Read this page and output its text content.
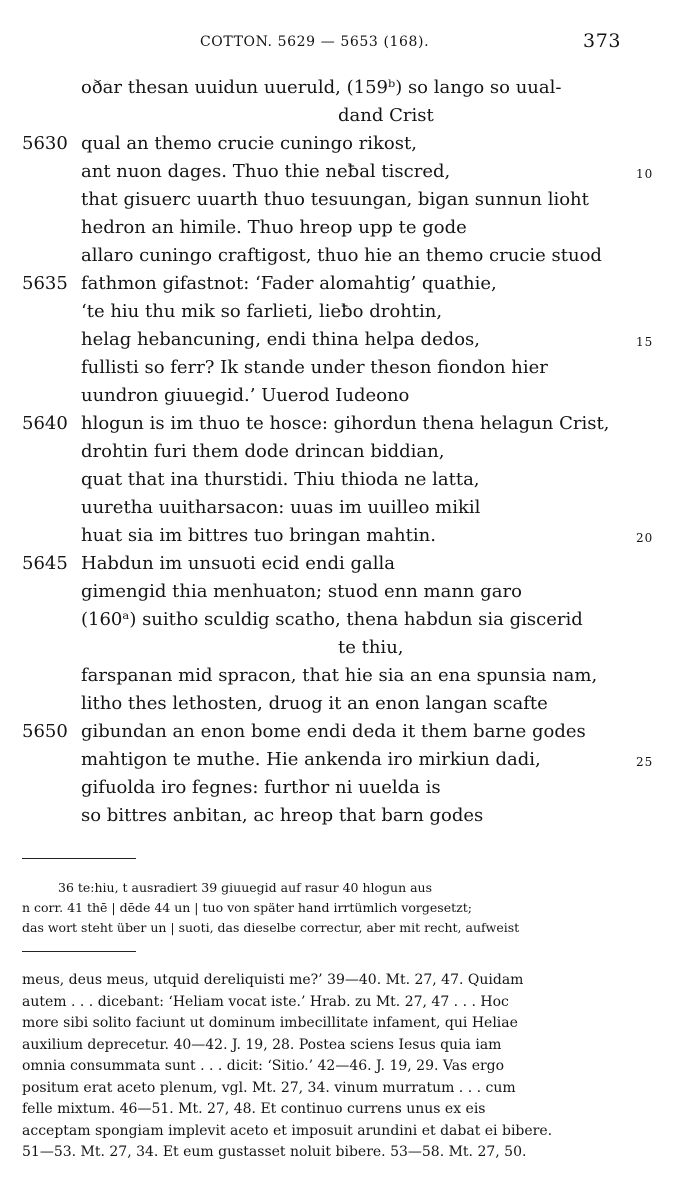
COTTON. 5629 — 5653 (168).	373
oðar thesan uuidun uueruld, (159ᵇ) so lango so uual-
dand Crist
5630 qual an themo crucie cuningo rikost,
ant nuon dages. Thuo thie neƀal tiscred,	10
that gisuerc uuarth thuo tesuungan, bigan sunnun lioht
hedron an himile. Thuo hreop upp te gode
allaro cuningo craftigost, thuo hie an themo crucie stuod
5635 fathmon gifastnot: ‘Fader alomahtig’ quathie,
‘te hiu thu mik so farlieti, lieƀo drohtin,
helag hebancuning, endi thina helpa dedos,	15
fullisti so ferr? Ik stande under theson fiondon hier
uundron giuuegid.’ Uuerod Iudeono
5640 hlogun is im thuo te hosce: gihordun thena helagun Crist,
drohtin furi them dode drincan biddian,
quat that ina thurstidi. Thiu thioda ne latta,
uuretha uuitharsacon: uuas im uuilleo mikil
huat sia im bittres tuo bringan mahtin.	20
5645 Habdun im unsuoti ecid endi galla
gimengid thia menhuaton; stuod enn mann garo
(160ᵃ) suitho sculdig scatho, thena habdun sia giscerid
te thiu,
farspanan mid spracon, that hie sia an ena spunsia nam,
litho thes lethosten, druog it an enon langan scafte
5650 gibundan an enon bome endi deda it them barne godes
mahtigon te muthe. Hie ankenda iro mirkiun dadi,	25
gifuolda iro fegnes: furthor ni uuelda is
so bittres anbitan, ac hreop that barn godes
36 te:hiu, t ausradiert 39 giuuegid auf rasur 40 hlogun aus
n corr. 41 thē | dēde 44 un | tuo von später hand irrtümlich vorgesetzt;
das wort steht über un | suoti, das dieselbe correctur, aber mit recht, aufweist
meus, deus meus, utquid dereliquisti me?’ 39—40. Mt. 27, 47. Quidam
autem . . . dicebant: ‘Heliam vocat iste.’ Hrab. zu Mt. 27, 47 . . . Hoc
more sibi solito faciunt ut dominum imbecillitate infament, qui Heliae
auxilium deprecetur. 40—42. J. 19, 28. Postea sciens Iesus quia iam
omnia consummata sunt . . . dicit: ‘Sitio.’ 42—46. J. 19, 29. Vas ergo
positum erat aceto plenum, vgl. Mt. 27, 34. vinum murratum . . . cum
felle mixtum. 46—51. Mt. 27, 48. Et continuo currens unus ex eis
acceptam spongiam implevit aceto et imposuit arundini et dabat ei bibere.
51—53. Mt. 27, 34. Et eum gustasset noluit bibere. 53—58. Mt. 27, 50.
